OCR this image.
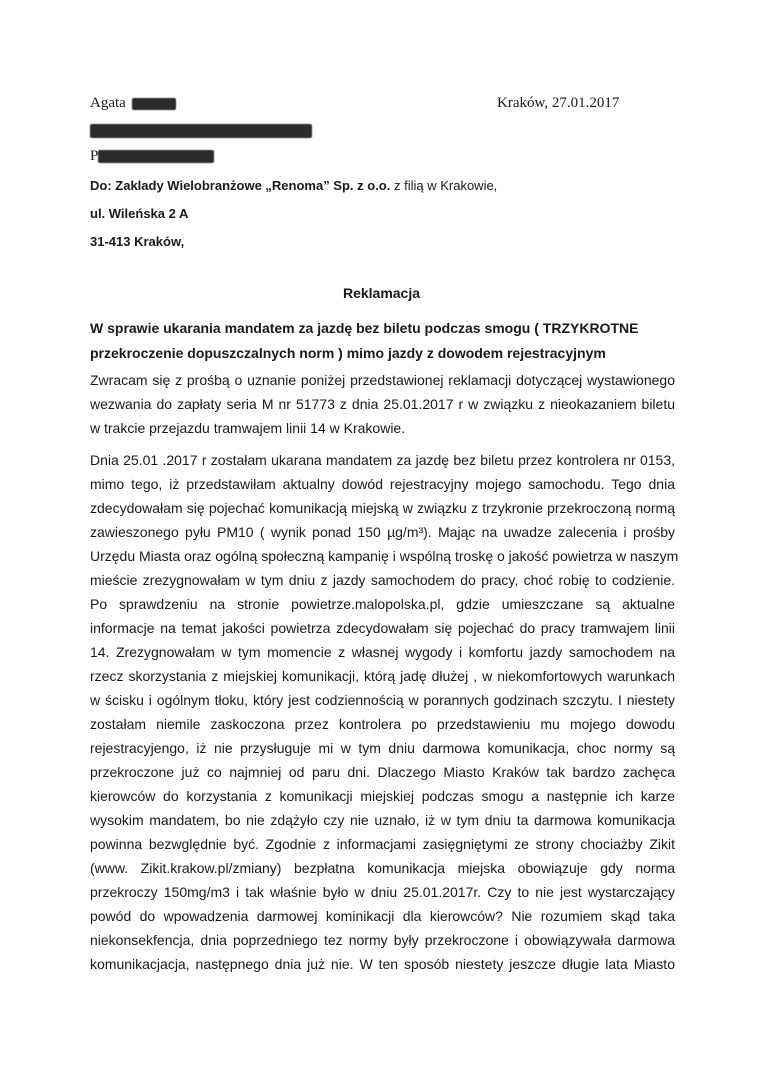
Agata	Kraków, 27.01.2017
P
Do: Zaklady Wielobranżowe „Renoma” Sp. z o.o. z filią w Krakowie,
ul. Wileńska 2 A
31-413 Kraków,
Reklamacja
W sprawie ukarania mandatem za jazdę bez biletu podczas smogu ( TRZYKROTNE
przekroczenie dopuszczalnych norm ) mimo jazdy z dowodem rejestracyjnym
Zwracam się z prośbą o uznanie poniżej przedstawionej reklamacji dotyczącej wystawionego
wezwania do zapłaty seria M nr 51773 z dnia 25.01.2017 r w związku z nieokazaniem biletu
w trakcie przejazdu tramwajem linii 14 w Krakowie.
Dnia 25.01 .2017 r zostałam ukarana mandatem za jazdę bez biletu przez kontrolera nr 0153,
mimo tego, iż przedstawiłam aktualny dowód rejestracyjny mojego samochodu. Tego dnia
zdecydowałam się pojechać komunikacją miejską w związku z trzykronie przekroczoną normą
zawieszonego pyłu PM10 ( wynik ponad 150 µg/m³). Mając na uwadze zalecenia i prośby
Urzędu Miasta oraz ogólną społeczną kampanię i wspólną troskę o jakość powietrza w naszym
mieście zrezygnowałam w tym dniu z jazdy samochodem do pracy, choć robię to codzienie.
Po sprawdzeniu na stronie powietrze.malopolska.pl, gdzie umieszczane są aktualne
informacje na temat jakości powietrza zdecydowałam się pojechać do pracy tramwajem linii
14. Zrezygnowałam w tym momencie z własnej wygody i komfortu jazdy samochodem na
rzecz skorzystania z miejskiej komunikacji, którą jadę dłużej , w niekomfortowych warunkach
w ścisku i ogólnym tłoku, który jest codziennością w porannych godzinach szczytu. I niestety
zostałam niemile zaskoczona przez kontrolera po przedstawieniu mu mojego dowodu
rejestracyjengo, iż nie przysługuje mi w tym dniu darmowa komunikacja, choc normy są
przekroczone już co najmniej od paru dni. Dlaczego Miasto Kraków tak bardzo zachęca
kierowców do korzystania z komunikacji miejskiej podczas smogu a następnie ich karze
wysokim mandatem, bo nie zdążyło czy nie uznało, iż w tym dniu ta darmowa komunikacja
powinna bezwględnie być. Zgodnie z informacjami zasięgniętymi ze strony chociażby Zikit
(www. Zikit.krakow.pl/zmiany) bezpłatna komunikacja miejska obowiązuje gdy norma
przekroczy 150mg/m3 i tak właśnie było w dniu 25.01.2017r. Czy to nie jest wystarczający
powód do wpowadzenia darmowej kominikacji dla kierowców? Nie rozumiem skąd taka
niekonsekfencja, dnia poprzedniego tez normy były przekroczone i obowiązywała darmowa
komunikacjacja, następnego dnia już nie. W ten sposób niestety jeszcze długie lata Miasto
